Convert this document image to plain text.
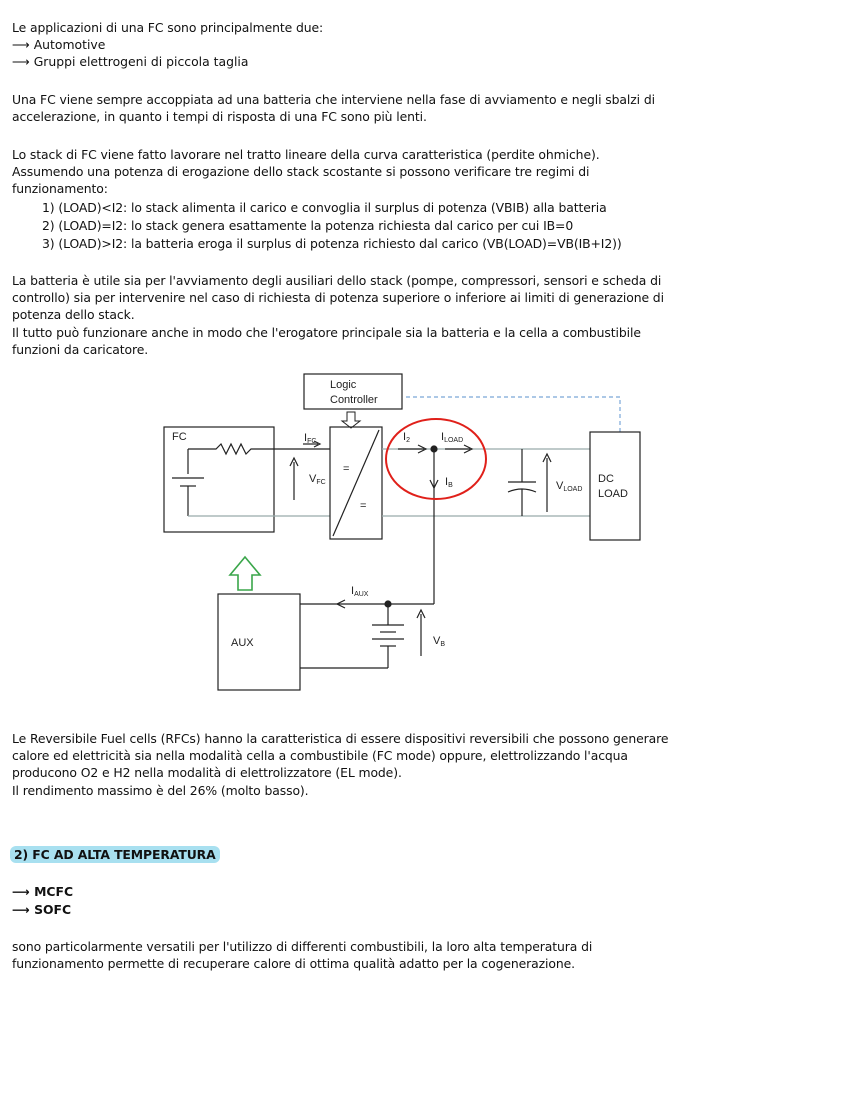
Le applicazioni di una FC sono principalmente due:
⟶ Automotive
⟶ Gruppi elettrogeni di piccola taglia
Una FC viene sempre accoppiata ad una batteria che interviene nella fase di avviamento e negli sbalzi di
accelerazione, in quanto i tempi di risposta di una FC sono più lenti.
Lo stack di FC viene fatto lavorare nel tratto lineare della curva caratteristica (perdite ohmiche).
Assumendo una potenza di erogazione dello stack scostante si possono verificare tre regimi di
funzionamento:
1) (LOAD)<I2: lo stack alimenta il carico e convoglia il surplus di potenza (VBIB) alla batteria
2) (LOAD)=I2: lo stack genera esattamente la potenza richiesta dal carico per cui IB=0
3) (LOAD)>I2: la batteria eroga il surplus di potenza richiesto dal carico (VB(LOAD)=VB(IB+I2))
La batteria è utile sia per l'avviamento degli ausiliari dello stack (pompe, compressori, sensori e scheda di
controllo) sia per intervenire nel caso di richiesta di potenza superiore o inferiore ai limiti di generazione di
potenza dello stack.
Il tutto può funzionare anche in modo che l'erogatore principale sia la batteria e la cella a combustibile
funzioni da caricatore.
Logic
Controller
FC	IFC
VFC
=
=
I2	ILOAD
IB	VLOAD
DC
LOAD
IAUX
AUX	VB
Le Reversibile Fuel cells (RFCs) hanno la caratteristica di essere dispositivi reversibili che possono generare
calore ed elettricità sia nella modalità cella a combustibile (FC mode) oppure, elettrolizzando l'acqua
producono O2 e H2 nella modalità di elettrolizzatore (EL mode).
Il rendimento massimo è del 26% (molto basso).
2) FC AD ALTA TEMPERATURA
⟶ MCFC
⟶ SOFC
sono particolarmente versatili per l'utilizzo di differenti combustibili, la loro alta temperatura di
funzionamento permette di recuperare calore di ottima qualità adatto per la cogenerazione.
